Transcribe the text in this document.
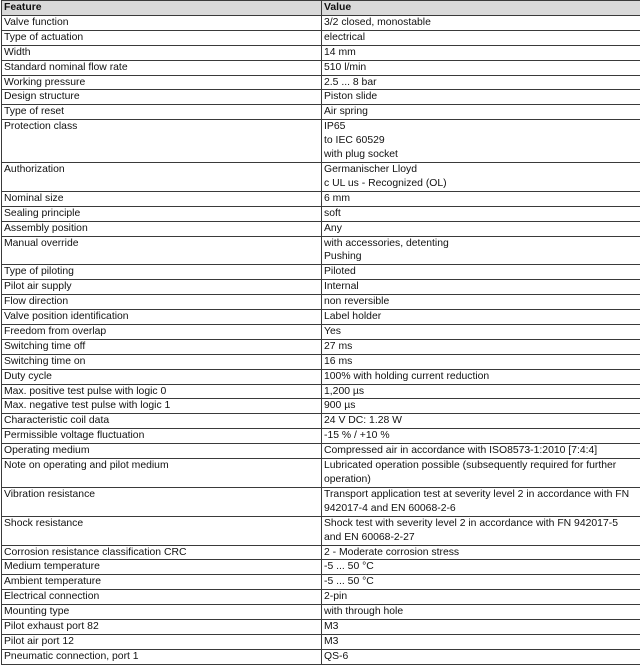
Feature	Value
Valve function	3/2 closed, monostable

Type of actuation	electrical

Width	14 mm

Standard nominal flow rate	510 l/min

Working pressure	2.5 ... 8 bar

Design structure	Piston slide

Type of reset	Air spring

Protection class	IP65
to IEC 60529
with plug socket

Authorization	Germanischer Lloyd
c UL us - Recognized (OL)

Nominal size	6 mm

Sealing principle	soft

Assembly position	Any

Manual override	with accessories, detenting
Pushing

Type of piloting	Piloted

Pilot air supply	Internal

Flow direction	non reversible

Valve position identification	Label holder

Freedom from overlap	Yes

Switching time off	27 ms

Switching time on	16 ms

Duty cycle	100% with holding current reduction

Max. positive test pulse with logic 0	1,200 µs

Max. negative test pulse with logic 1	900 µs

Characteristic coil data	24 V DC: 1.28 W

Permissible voltage fluctuation	-15 % / +10 %

Operating medium	Compressed air in accordance with ISO8573-1:2010 [7:4:4]

Note on operating and pilot medium	Lubricated operation possible (subsequently required for further
operation)

Vibration resistance	Transport application test at severity level 2 in accordance with FN
942017-4 and EN 60068-2-6

Shock resistance	Shock test with severity level 2 in accordance with FN 942017-5
and EN 60068-2-27

Corrosion resistance classification CRC	2 - Moderate corrosion stress

Medium temperature	-5 ... 50 °C

Ambient temperature	-5 ... 50 °C

Electrical connection	2-pin

Mounting type	with through hole

Pilot exhaust port 82	M3

Pilot air port 12	M3

Pneumatic connection, port 1	QS-6
